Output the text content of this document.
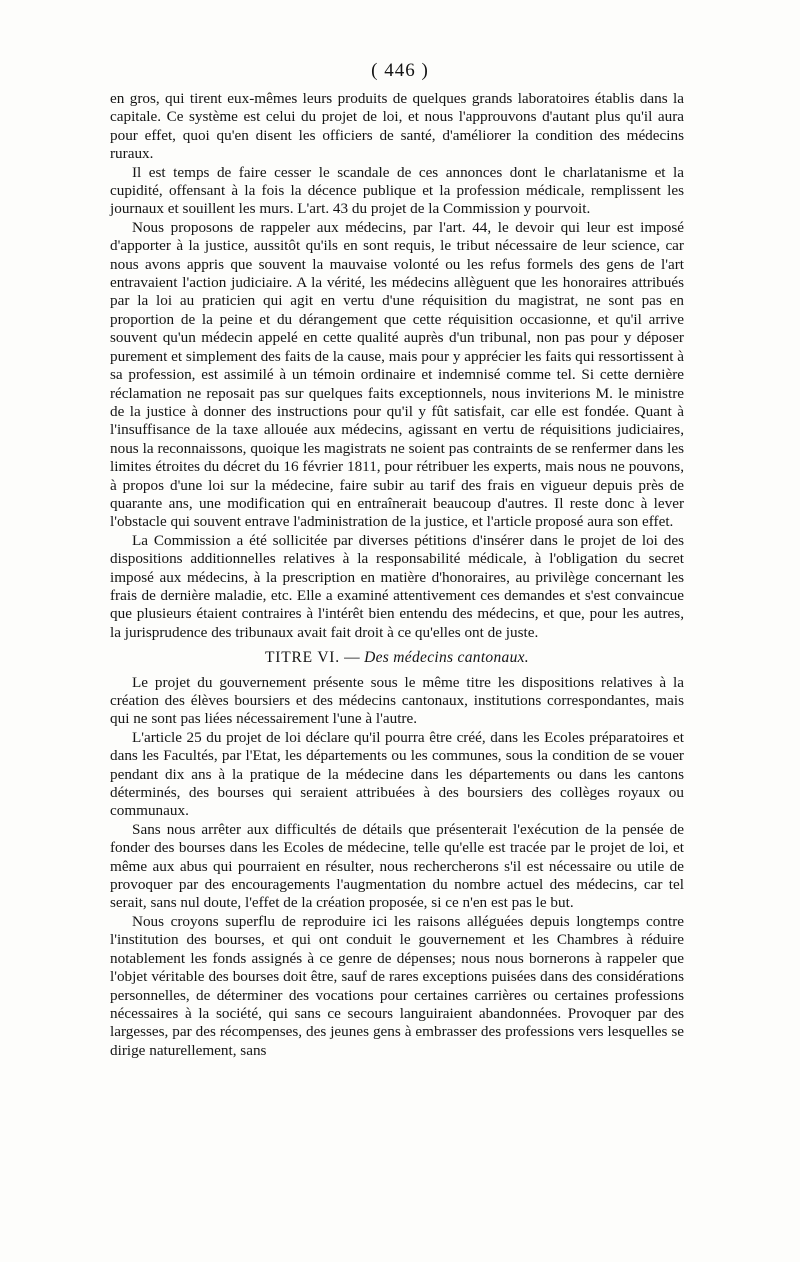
( 446 )

en gros, qui tirent eux-mêmes leurs produits de quelques grands laboratoires établis dans la capitale. Ce système est celui du projet de loi, et nous l'approuvons d'autant plus qu'il aura pour effet, quoi qu'en disent les officiers de santé, d'améliorer la condition des médecins ruraux.

Il est temps de faire cesser le scandale de ces annonces dont le charlatanisme et la cupidité, offensant à la fois la décence publique et la profession médicale, remplissent les journaux et souillent les murs. L'art. 43 du projet de la Commission y pourvoit.

Nous proposons de rappeler aux médecins, par l'art. 44, le devoir qui leur est imposé d'apporter à la justice, aussitôt qu'ils en sont requis, le tribut nécessaire de leur science, car nous avons appris que souvent la mauvaise volonté ou les refus formels des gens de l'art entravaient l'action judiciaire. A la vérité, les médecins allèguent que les honoraires attribués par la loi au praticien qui agit en vertu d'une réquisition du magistrat, ne sont pas en proportion de la peine et du dérangement que cette réquisition occasionne, et qu'il arrive souvent qu'un médecin appelé en cette qualité auprès d'un tribunal, non pas pour y déposer purement et simplement des faits de la cause, mais pour y apprécier les faits qui ressortissent à sa profession, est assimilé à un témoin ordinaire et indemnisé comme tel. Si cette dernière réclamation ne reposait pas sur quelques faits exceptionnels, nous inviterions M. le ministre de la justice à donner des instructions pour qu'il y fût satisfait, car elle est fondée. Quant à l'insuffisance de la taxe allouée aux médecins, agissant en vertu de réquisitions judiciaires, nous la reconnaissons, quoique les magistrats ne soient pas contraints de se renfermer dans les limites étroites du décret du 16 février 1811, pour rétribuer les experts, mais nous ne pouvons, à propos d'une loi sur la médecine, faire subir au tarif des frais en vigueur depuis près de quarante ans, une modification qui en entraînerait beaucoup d'autres. Il reste donc à lever l'obstacle qui souvent entrave l'administration de la justice, et l'article proposé aura son effet.

La Commission a été sollicitée par diverses pétitions d'insérer dans le projet de loi des dispositions additionnelles relatives à la responsabilité médicale, à l'obligation du secret imposé aux médecins, à la prescription en matière d'honoraires, au privilège concernant les frais de dernière maladie, etc. Elle a examiné attentivement ces demandes et s'est convaincue que plusieurs étaient contraires à l'intérêt bien entendu des médecins, et que, pour les autres, la jurisprudence des tribunaux avait fait droit à ce qu'elles ont de juste.

TITRE VI. — Des médecins cantonaux.

Le projet du gouvernement présente sous le même titre les dispositions relatives à la création des élèves boursiers et des médecins cantonaux, institutions correspondantes, mais qui ne sont pas liées nécessairement l'une à l'autre.

L'article 25 du projet de loi déclare qu'il pourra être créé, dans les Ecoles préparatoires et dans les Facultés, par l'Etat, les départements ou les communes, sous la condition de se vouer pendant dix ans à la pratique de la médecine dans les départements ou dans les cantons déterminés, des bourses qui seraient attribuées à des boursiers des collèges royaux ou communaux.

Sans nous arrêter aux difficultés de détails que présenterait l'exécution de la pensée de fonder des bourses dans les Ecoles de médecine, telle qu'elle est tracée par le projet de loi, et même aux abus qui pourraient en résulter, nous rechercherons s'il est nécessaire ou utile de provoquer par des encouragements l'augmentation du nombre actuel des médecins, car tel serait, sans nul doute, l'effet de la création proposée, si ce n'en est pas le but.

Nous croyons superflu de reproduire ici les raisons alléguées depuis longtemps contre l'institution des bourses, et qui ont conduit le gouvernement et les Chambres à réduire notablement les fonds assignés à ce genre de dépenses; nous nous bornerons à rappeler que l'objet véritable des bourses doit être, sauf de rares exceptions puisées dans des considérations personnelles, de déterminer des vocations pour certaines carrières ou certaines professions nécessaires à la société, qui sans ce secours languiraient abandonnées. Provoquer par des largesses, par des récompenses, des jeunes gens à embrasser des professions vers lesquelles se dirige naturellement, sans
